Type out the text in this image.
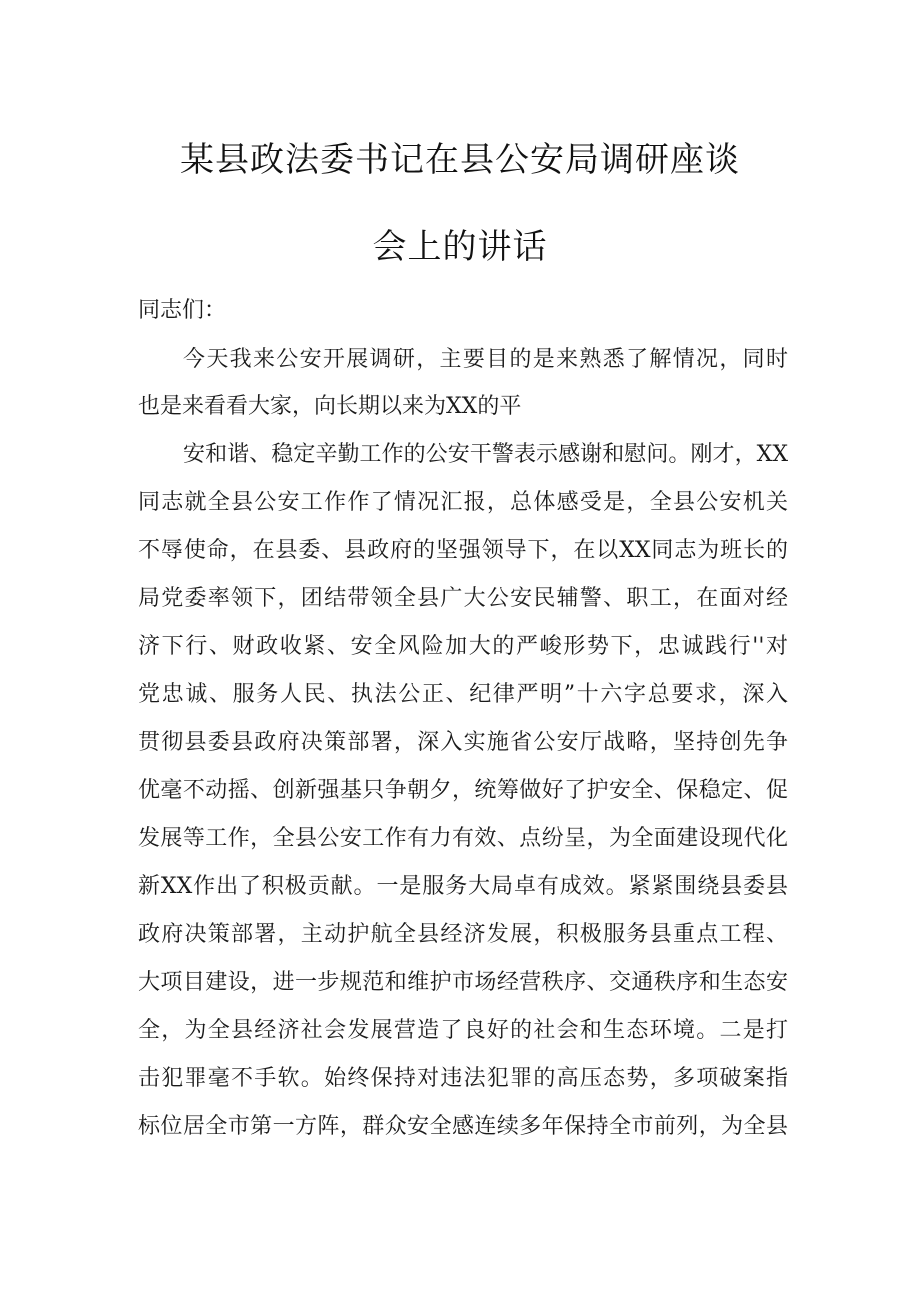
某县政法委书记在县公安局调研座谈
会上的讲话
同志们：
今天我来公安开展调研，主要目的是来熟悉了解情况，同时
也是来看看大家，向长期以来为XX的平
安和谐、稳定辛勤工作的公安干警表示感谢和慰问。刚才，XX
同志就全县公安工作作了情况汇报，总体感受是，全县公安机关
不辱使命，在县委、县政府的坚强领导下，在以XX同志为班长的
局党委率领下，团结带领全县广大公安民辅警、职工，在面对经
济下行、财政收紧、安全风险加大的严峻形势下，忠诚践行''对
党忠诚、服务人民、执法公正、纪律严明”十六字总要求，深入
贯彻县委县政府决策部署，深入实施省公安厅战略，坚持创先争
优毫不动摇、创新强基只争朝夕，统筹做好了护安全、保稳定、促
发展等工作，全县公安工作有力有效、点纷呈，为全面建设现代化
新XX作出了积极贡献。一是服务大局卓有成效。紧紧围绕县委县
政府决策部署，主动护航全县经济发展，积极服务县重点工程、
大项目建设，进一步规范和维护市场经营秩序、交通秩序和生态安
全，为全县经济社会发展营造了良好的社会和生态环境。二是打
击犯罪毫不手软。始终保持对违法犯罪的高压态势，多项破案指
标位居全市第一方阵，群众安全感连续多年保持全市前列，为全县
